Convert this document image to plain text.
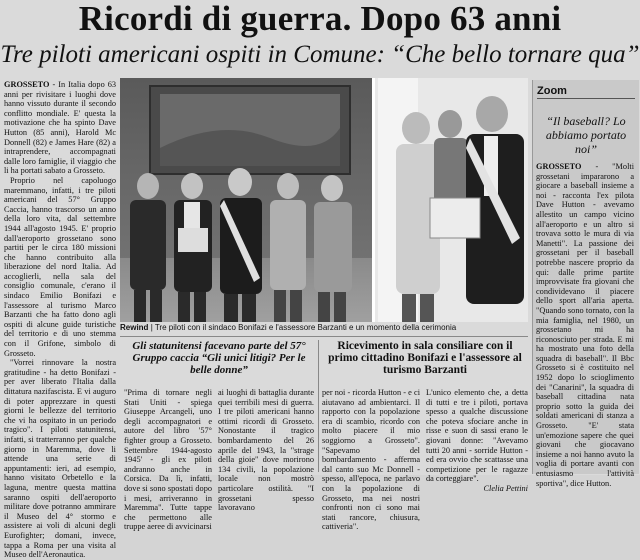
Ricordi di guerra. Dopo 63 anni
Tre piloti americani ospiti in Comune: “Che bello tornare qua”

GROSSETO - In Italia dopo 63 anni per rivisitare i luoghi dove hanno vissuto durante il secondo conflitto mondiale. E' questa la motivazione che ha spinto Dave Hutton (85 anni), Harold Mc Donnell (82) e James Hare (82) a intraprendere, accompagnati dalle loro famiglie, il viaggio che li ha portati sabato a Grosseto.

Proprio nel capoluogo maremmano, infatti, i tre piloti americani del 57° Gruppo Caccia, hanno trascorso un anno della loro vita, dal settembre 1944 all'agosto 1945. E' proprio dall'aeroporto grossetano sono partiti per le circa 180 missioni che hanno contribuito alla liberazione del nord Italia. Ad accoglierli, nella sala del consiglio comunale, c'erano il sindaco Emilio Bonifazi e l'assessore al turismo Marco Barzanti che ha fatto dono agli ospiti di alcune guide turistiche del territorio e di uno stemma con il Grifone, simbolo di Grosseto.

"Vorrei rinnovare la nostra gratitudine - ha detto Bonifazi - per aver liberato l'Italia dalla dittatura nazifascista. E vi auguro di poter apprezzare in questi giorni le bellezze del territorio che vi ha ospitato in un periodo tragico". I piloti statunitensi, infatti, si tratterranno per qualche giorno in Maremma, dove li attende una serie di appuntamenti: ieri, ad esempio, hanno visitato Orbetello e la laguna, mentre questa mattina saranno ospiti dell'aeroporto militare dove potranno ammirare il Museo del 4° stormo e assistere ai voli di alcuni degli Eurofighter; domani, invece, tappa a Roma per una visita al Museo dell'Aeronautica.

Rewind | Tre piloti con il sindaco Bonifazi e l'assessore Barzanti e un momento della cerimonia
Gli statunitensi facevano parte del 57° Gruppo caccia “Gli unici litigi? Per le belle donne”
Ricevimento in sala consiliare con il primo cittadino Bonifazi e l'assessore al turismo Barzanti

"Prima di tornare negli Stati Uniti - spiega Giuseppe Arcangeli, uno degli accompagnatori e autore del libro '57° fighter group a Grosseto. Settembre 1944-agosto 1945' - gli ex piloti andranno anche in Corsica. Da lì, infatti, dove si sono spostati dopo i mesi, arriveranno in Maremma". Tutte tappe che permettono alle truppe aeree di avvicinarsi

ai luoghi di battaglia durante quei terribili mesi di guerra. I tre piloti americani hanno ottimi ricordi di Grosseto. Nonostante il tragico bombardamento del 26 aprile del 1943, la "strage della gioie" dove morirono 134 civili, la popolazione locale non mostrò particolare ostilità. "I grossetani spesso lavoravano

per noi - ricorda Hutton - e ci aiutavano ad ambientarci. Il rapporto con la popolazione era di scambio, ricordo con molto piacere il mio soggiorno a Grosseto". "Sapevamo del bombardamento - afferma dal canto suo Mc Donnell - spesso, all'epoca, ne parlavo con la popolazione di Grosseto, ma nei nostri confronti non ci sono mai stati rancore, chiusura, cattiveria".

L'unico elemento che, a detta di tutti e tre i piloti, portava spesso a qualche discussione che poteva sfociare anche in risse e suon di sassi erano le giovani donne: "Avevamo tutti 20 anni - sorride Hutton - ed era ovvio che scattasse una competizione per le ragazze da corteggiare".

Clelia Pettini

Zoom
“Il baseball? Lo abbiamo portato noi”

GROSSETO - "Molti grossetani impararono a giocare a baseball insieme a noi - racconta l'ex pilota Dave Hutton - avevamo allestito un campo vicino all'aeroporto e un altro si trovava sotto le mura di via Manetti". La passione dei grossetani per il baseball potrebbe nascere proprio da qui: dalle prime partite improvvisate fra giovani che condividevano il piacere dello sport all'aria aperta. "Quando sono tornato, con la mia famiglia, nel 1980, un grossetano mi ha riconosciuto per strada. E mi ha mostrato una foto della squadra di baseball". Il Bbc Grosseto si è costituito nel 1952 dopo lo scioglimento dei "Canarini", la squadra di baseball cittadina nata proprio sotto la guida dei soldati americani di stanza a Grosseto. "E' stata un'emozione sapere che quei giovani che giocavano insieme a noi hanno avuto la voglia di portare avanti con entusiasmo l'attività sportiva", dice Hutton.
